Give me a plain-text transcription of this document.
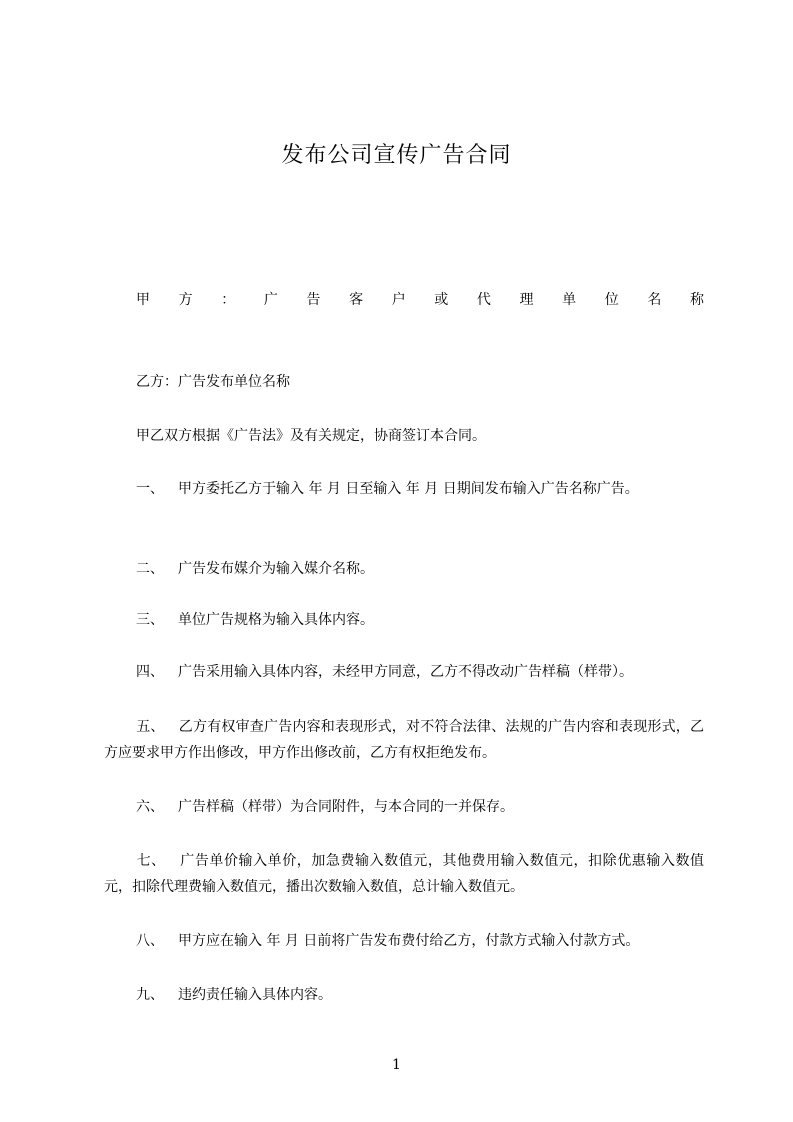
发布公司宣传广告合同
甲方：广告客户或代理单位名称
乙方：广告发布单位名称
甲乙双方根据《广告法》及有关规定，协商签订本合同。
一、 甲方委托乙方于输入 年 月 日至输入 年 月 日期间发布输入广告名称广告。
二、 广告发布媒介为输入媒介名称。
三、 单位广告规格为输入具体内容。
四、 广告采用输入具体内容，未经甲方同意，乙方不得改动广告样稿（样带）。
五、 乙方有权审查广告内容和表现形式，对不符合法律、法规的广告内容和表现形式，乙方应要求甲方作出修改，甲方作出修改前，乙方有权拒绝发布。
六、 广告样稿（样带）为合同附件，与本合同的一并保存。
七、 广告单价输入单价，加急费输入数值元，其他费用输入数值元，扣除优惠输入数值元，扣除代理费输入数值元，播出次数输入数值，总计输入数值元。
八、 甲方应在输入 年 月 日前将广告发布费付给乙方，付款方式输入付款方式。
九、 违约责任输入具体内容。
1
